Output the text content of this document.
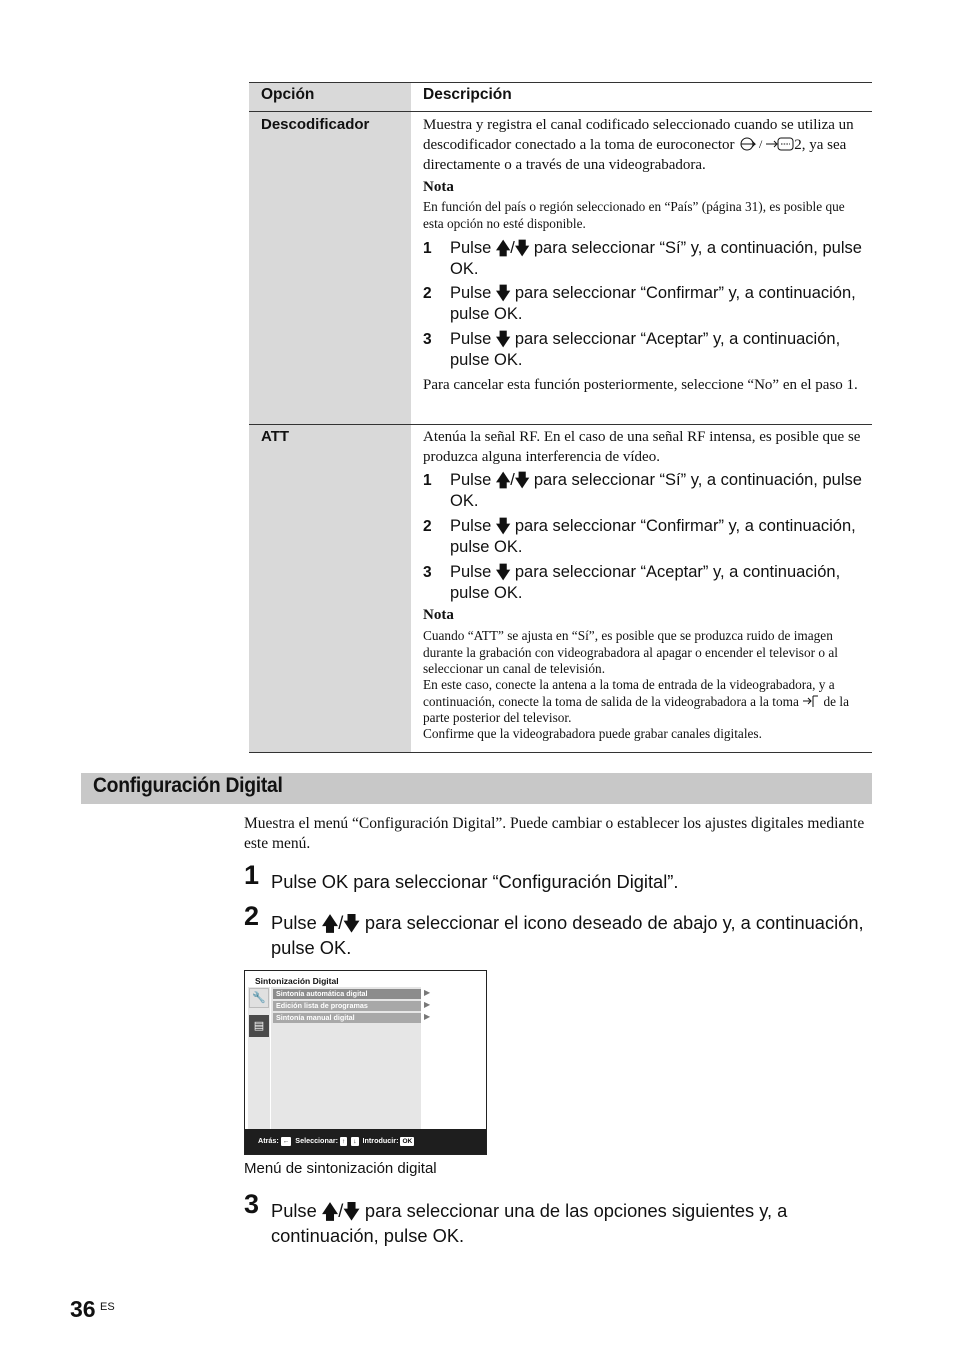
Opción	Descripción
Descodificador	Muestra y registra el canal codificado seleccionado cuando se utiliza un descodificador conectado a la toma de euroconector / 2, ya sea directamente o a través de una videograbadora.
Nota
En función del país o región seleccionado en “País” (página 31), es posible que esta opción no esté disponible.
1 Pulse 🡅/🡇 para seleccionar “Sí” y, a continuación, pulse OK.
2 Pulse 🡇 para seleccionar “Confirmar” y, a continuación, pulse OK.
3 Pulse 🡇 para seleccionar “Aceptar” y, a continuación, pulse OK.
Para cancelar esta función posteriormente, seleccione “No” en el paso 1.
ATT	Atenúa la señal RF. En el caso de una señal RF intensa, es posible que se produzca alguna interferencia de vídeo.
1 Pulse 🡅/🡇 para seleccionar “Sí” y, a continuación, pulse OK.
2 Pulse 🡇 para seleccionar “Confirmar” y, a continuación, pulse OK.
3 Pulse 🡇 para seleccionar “Aceptar” y, a continuación, pulse OK.
Nota
Cuando “ATT” se ajusta en “Sí”, es posible que se produzca ruido de imagen durante la grabación con videograbadora al apagar o encender el televisor o al seleccionar un canal de televisión.
En este caso, conecte la antena a la toma de entrada de la videograbadora, y a continuación, conecte la toma de salida de la videograbadora a la toma de la parte posterior del televisor.
Confirme que la videograbadora puede grabar canales digitales.
Configuración Digital
Muestra el menú “Configuración Digital”. Puede cambiar o establecer los ajustes digitales mediante este menú.
1 Pulse OK para seleccionar “Configuración Digital”.
2 Pulse 🡅/🡇 para seleccionar el icono deseado de abajo y, a continuación, pulse OK.
Sintonización Digital
🔧
▤
Sintonía automática digital
Edición lista de programas
Sintonía manual digital
▶
▶
▶
Atrás: ← Seleccionar: ↑ ↓ Introducir: OK
Menú de sintonización digital
3 Pulse 🡅/🡇 para seleccionar una de las opciones siguientes y, a continuación, pulse OK.
36 ES
